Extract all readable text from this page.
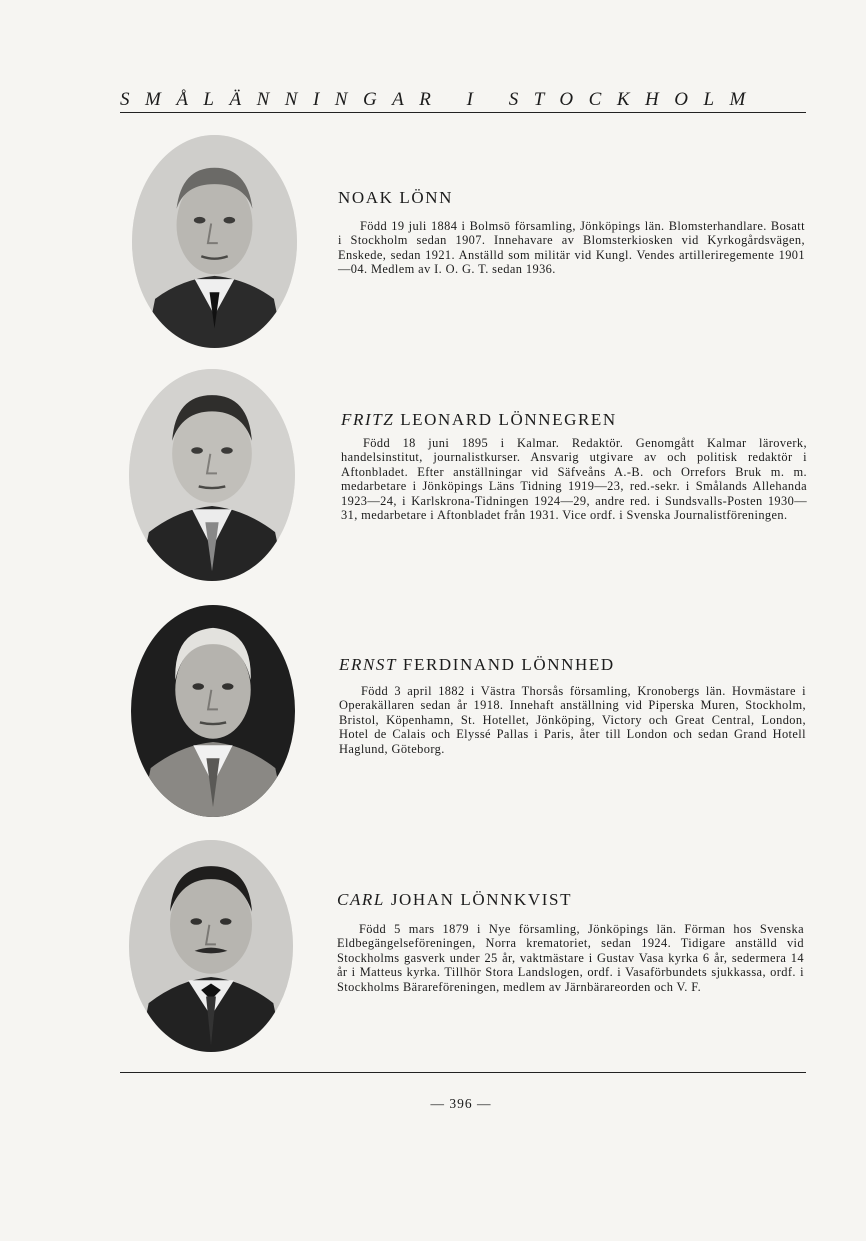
SMÅLÄNNINGAR I STOCKHOLM
NOAK LÖNN
Född 19 juli 1884 i Bolmsö församling, Jönköpings län. Blomsterhandlare. Bosatt i Stockholm sedan 1907. Innehavare av Blomsterkiosken vid Kyrkogårdsvägen, Enskede, sedan 1921. Anställd som militär vid Kungl. Vendes artilleriregemente 1901—04. Medlem av I. O. G. T. sedan 1936.
FRITZ LEONARD LÖNNEGREN
Född 18 juni 1895 i Kalmar. Redaktör. Genomgått Kalmar läroverk, handelsinstitut, journalistkurser. Ansvarig utgivare av och politisk redaktör i Aftonbladet. Efter anställningar vid Säfveåns A.-B. och Orrefors Bruk m. m. medarbetare i Jönköpings Läns Tidning 1919—23, red.-sekr. i Smålands Allehanda 1923—24, i Karlskrona-Tidningen 1924—29, andre red. i Sundsvalls-Posten 1930—31, medarbetare i Aftonbladet från 1931. Vice ordf. i Svenska Journalistföreningen.
ERNST FERDINAND LÖNNHED
Född 3 april 1882 i Västra Thorsås församling, Kronobergs län. Hovmästare i Operakällaren sedan år 1918. Innehaft anställning vid Piperska Muren, Stockholm, Bristol, Köpenhamn, St. Hotellet, Jönköping, Victory och Great Central, London, Hotel de Calais och Elyssé Pallas i Paris, åter till London och sedan Grand Hotell Haglund, Göteborg.
CARL JOHAN LÖNNKVIST
Född 5 mars 1879 i Nye församling, Jönköpings län. Förman hos Svenska Eldbegängelseföreningen, Norra krematoriet, sedan 1924. Tidigare anställd vid Stockholms gasverk under 25 år, vaktmästare i Gustav Vasa kyrka 6 år, sedermera 14 år i Matteus kyrka. Tillhör Stora Landslogen, ordf. i Vasaförbundets sjukkassa, ordf. i Stockholms Bärareföreningen, medlem av Järnbärareorden och V. F.
— 396 —
